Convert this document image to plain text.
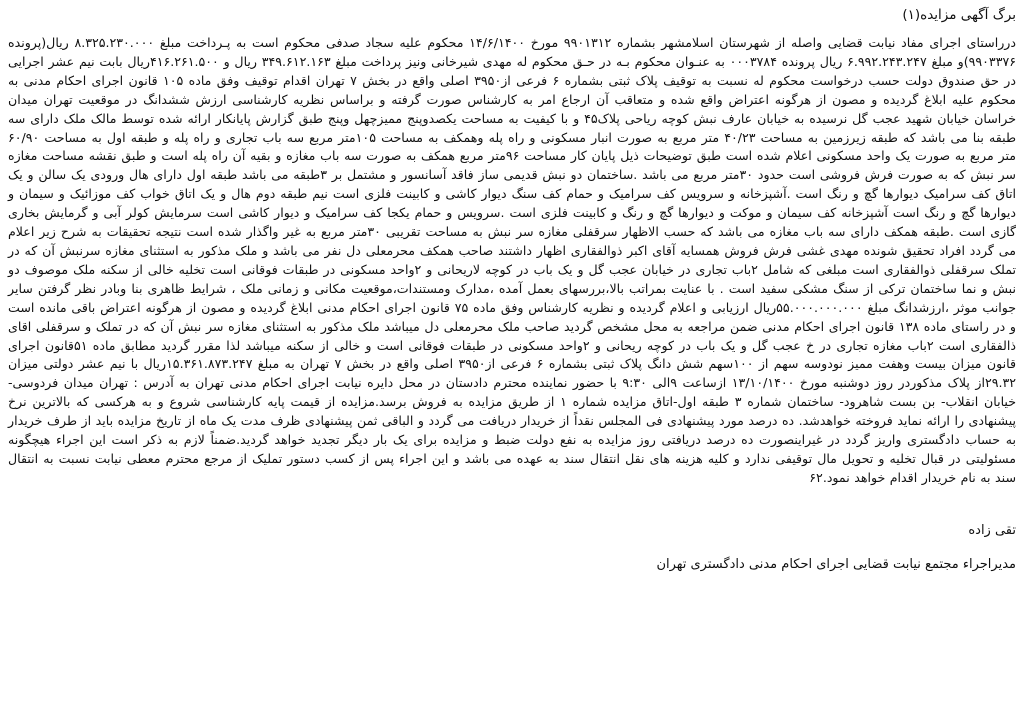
برگ آگهی مزایده(۱)

درراستای اجرای مفاد نیابت قضایی واصله از شهرستان اسلامشهر بشماره ۹۹۰۱۳۱۲ مورخ ۱۴/۶/۱۴۰۰ محکوم علیه سجاد صدفی محکوم است به پـرداخت مبلغ ۸.۳۲۵.۲۳۰.۰۰۰ ریال(پرونده ۹۹۰۳۳۷۶)و مبلغ ۶.۹۹۲.۲۴۳.۲۴۷ ریال پرونده ۰۰۰۳۷۸۴ به عنـوان محکوم بـه در حـق محکوم له مهدی شیرخانی ونیز پرداخت مبلغ ۳۴۹.۶۱۲.۱۶۳ ریال و ۴۱۶.۲۶۱.۵۰۰ریال بابت نیم عشر اجرایی در حق صندوق دولت حسب درخواست محکوم له نسبت به توقیف پلاک ثبتی بشماره ۶ فرعی از۳۹۵۰ اصلی واقع در بخش ۷ تهران اقدام توقیف وفق ماده ۱۰۵ قانون اجرای احکام مدنی به محکوم علیه ابلاغ گردیده و مصون از هرگونه اعتراض واقع شده و متعاقب آن ارجاع امر به کارشناس صورت گرفته و براساس نظریه کارشناسی ارزش ششدانگ در موقعیت تهران میدان خراسان خیابان شهید عجب گل نرسیده به خیابان عارف نبش کوچه ریاحی پلاک۴۵ و با کیفیت به مساحت یکصدوپنج ممیزچهل وپنج طبق گزارش پایانکار ارائه شده توسط مالک ملک دارای سه طبقه بنا می باشد که طبقه زیرزمین به مساحت ۴۰/۲۳ متر مربع به صورت انبار مسکونی و راه پله وهمکف به مساحت ۱۰۵متر مربع سه باب تجاری و راه پله و طبقه اول به مساحت ۶۰/۹۰ متر مربع به صورت یک واحد مسکونی اعلام شده است طبق توضیحات ذیل پایان کار مساحت ۹۶متر مربع همکف به صورت سه باب مغازه و بقیه آن راه پله است و طبق نقشه مساحت مغازه سر نبش که به صورت فرش فروشی است حدود ۳۰متر مربع می باشد .ساختمان دو نبش قدیمی ساز فاقد آسانسور و مشتمل بر ۳طبقه می باشد طبقه اول دارای هال ورودی یک سالن و یک اتاق کف سرامیک دیوارها گچ و رنگ است .آشپزخانه و سرویس کف سرامیک و حمام کف سنگ دیوار کاشی و کابینت فلزی است نیم طبقه دوم هال و یک اتاق خواب کف موزائیک و سیمان و دیوارها گچ و رنگ است آشپزخانه کف سیمان و موکت و دیوارها گچ و رنگ و کابینت فلزی است .سرویس و حمام یکجا کف سرامیک و دیوار کاشی است سرمایش کولر آبی و گرمایش بخاری گازی است .طبقه همکف دارای سه باب مغازه می باشد که حسب الاظهار سرقفلی مغازه سر نبش به مساحت تقریبی ۳۰متر مربع به غیر واگذار شده است نتیجه تحقیقات به شرح زیر اعلام می گردد افراد تحقیق شونده مهدی غشی فرش فروش همسایه آقای اکبر ذوالفقاری اظهار داشتند صاحب همکف محرمعلی دل نفر می باشد و ملک مذکور به استثنای مغازه سرنبش آن که در تملک سرقفلی ذوالفقاری است مبلغی که شامل ۲باب تجاری در خیابان عجب گل و یک باب در کوچه لاریحانی و ۲واحد مسکونی در طبقات فوقانی است تخلیه خالی از سکنه ملک موصوف دو نبش و نما ساختمان ترکی از سنگ مشکی سفید است . با عنایت بمراتب بالا،بررسهای بعمل آمده ،مدارک ومستندات،موقعیت مکانی و زمانی ملک ، شرایط ظاهری بنا وبادر نظر گرفتن سایر جوانب موثر ،ارزشدانگ مبلغ ۵۵.۰۰۰.۰۰۰.۰۰۰ریال ارزیابی و اعلام گردیده و نظریه کارشناس وفق ماده ۷۵ قانون اجرای احکام مدنی ابلاغ گردیده و مصون از هرگونه اعتراض باقی مانده است و در راستای ماده ۱۳۸ قانون اجرای احکام مدنی ضمن مراجعه به محل مشخص گردید صاحب ملک محرمعلی دل میباشد ملک مذکور به استثنای مغازه سر نبش آن که در تملک و سرقفلی اقای ذالفقاری است ۲باب مغازه تجاری در خ عجب گل و یک باب در کوچه ریحانی و ۲واحد مسکونی در طبقات فوقانی است و خالی از سکنه میباشد لذا مقرر گردید مطابق ماده ۵۱قانون اجرای قانون میزان بیست وهفت ممیز نودوسه سهم از ۱۰۰سهم شش دانگ پلاک ثبتی بشماره ۶ فرعی از۳۹۵۰ اصلی واقع در بخش ۷ تهران به مبلغ ۱۵.۳۶۱.۸۷۳.۲۴۷ریال با نیم عشر دولتی میزان ۲۹.۳۲از پلاک مذکوردر روز دوشنبه مورخ ۱۳/۱۰/۱۴۰۰ ازساعت ۹الی ۹:۳۰ با حضور نماینده محترم دادستان در محل دایره نیابت اجرای احکام مدنی تهران به آدرس : تهران میدان فردوسی- خیابان انقلاب- بن بست شاهرود- ساختمان شماره ۳ طبقه اول-اتاق مزایده شماره ۱ از طریق مزایده به فروش برسد.مزایده از قیمت پایه کارشناسی شروع و به هرکسی که بالاترین نرخ پیشنهادی را ارائه نماید فروخته خواهدشد. ده درصد مورد پیشنهادی فی المجلس نقداً از خریدار دریافت می گردد و الباقی ثمن پیشنهادی ظرف مدت یک ماه از تاریخ مزایده باید از طرف خریدار به حساب دادگستری واریز گردد در غیراینصورت ده درصد دریافتی روز مزایده به نفع دولت ضبط و مزایده برای یک بار دیگر تجدید خواهد گردید.ضمناً لازم به ذکر است این اجراء هیچگونه مسئولیتی در قبال تخلیه و تحویل مال توقیفی ندارد و کلیه هزینه های نقل انتقال سند به عهده می باشد و این اجراء پس از کسب دستور تملیک از مرجع محترم معطی نیابت نسبت به انتقال سند به نام خریدار اقدام خواهد نمود.۶۲

تقی زاده
مدیراجراء مجتمع نیابت قضایی اجرای احکام مدنی دادگستری تهران
